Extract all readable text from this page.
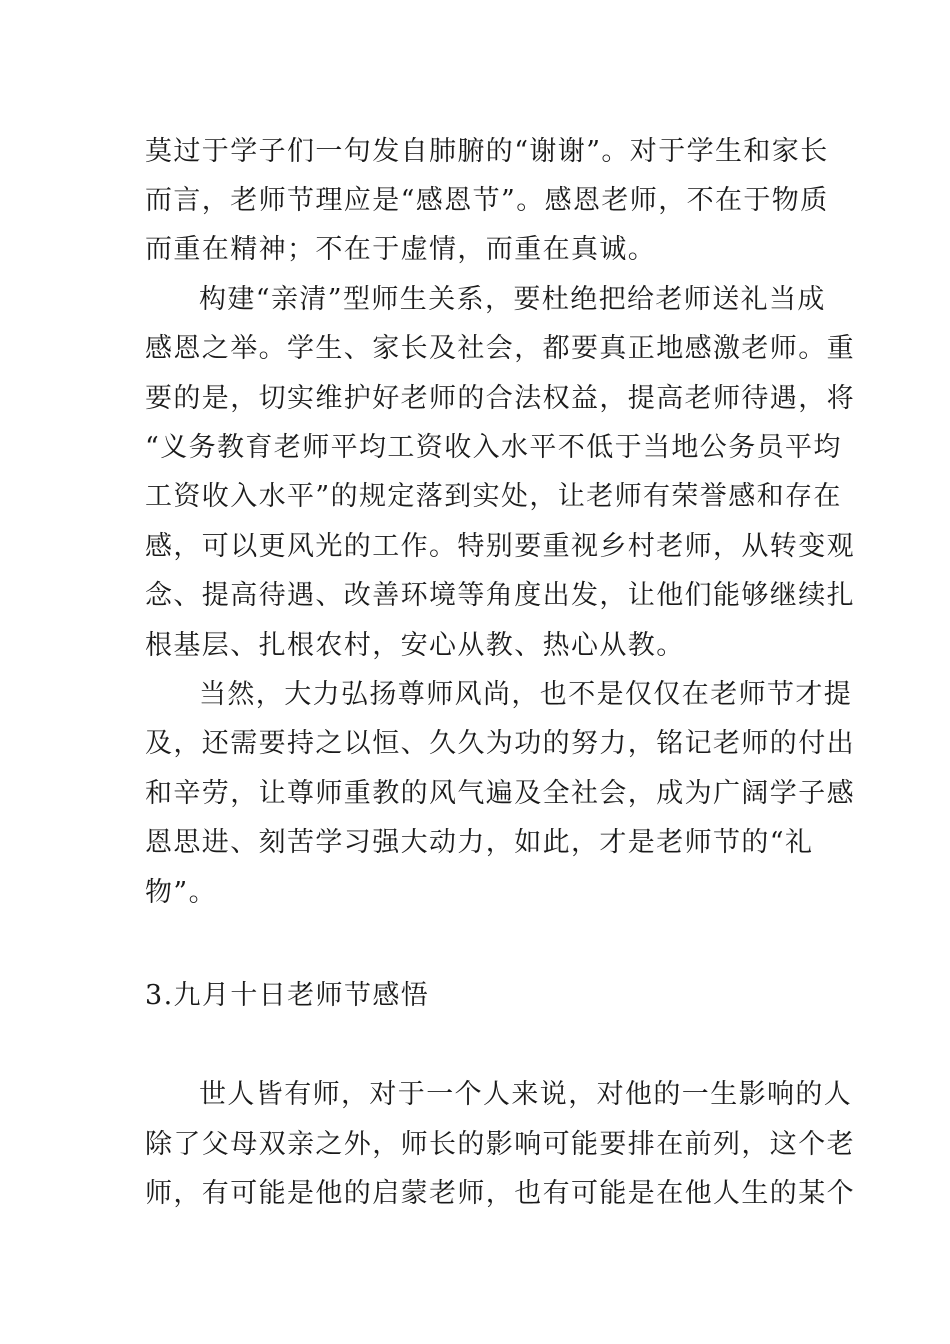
莫过于学子们一句发自肺腑的“谢谢”。对于学生和家长
而言，老师节理应是“感恩节”。感恩老师，不在于物质
而重在精神；不在于虚情，而重在真诚。
构建“亲清”型师生关系，要杜绝把给老师送礼当成
感恩之举。学生、家长及社会，都要真正地感激老师。重
要的是，切实维护好老师的合法权益，提高老师待遇，将
“义务教育老师平均工资收入水平不低于当地公务员平均
工资收入水平”的规定落到实处，让老师有荣誉感和存在
感，可以更风光的工作。特别要重视乡村老师，从转变观
念、提高待遇、改善环境等角度出发，让他们能够继续扎
根基层、扎根农村，安心从教、热心从教。
当然，大力弘扬尊师风尚，也不是仅仅在老师节才提
及，还需要持之以恒、久久为功的努力，铭记老师的付出
和辛劳，让尊师重教的风气遍及全社会，成为广阔学子感
恩思进、刻苦学习强大动力，如此，才是老师节的“礼
物”。
3.九月十日老师节感悟
世人皆有师，对于一个人来说，对他的一生影响的人
除了父母双亲之外，师长的影响可能要排在前列，这个老
师，有可能是他的启蒙老师，也有可能是在他人生的某个
